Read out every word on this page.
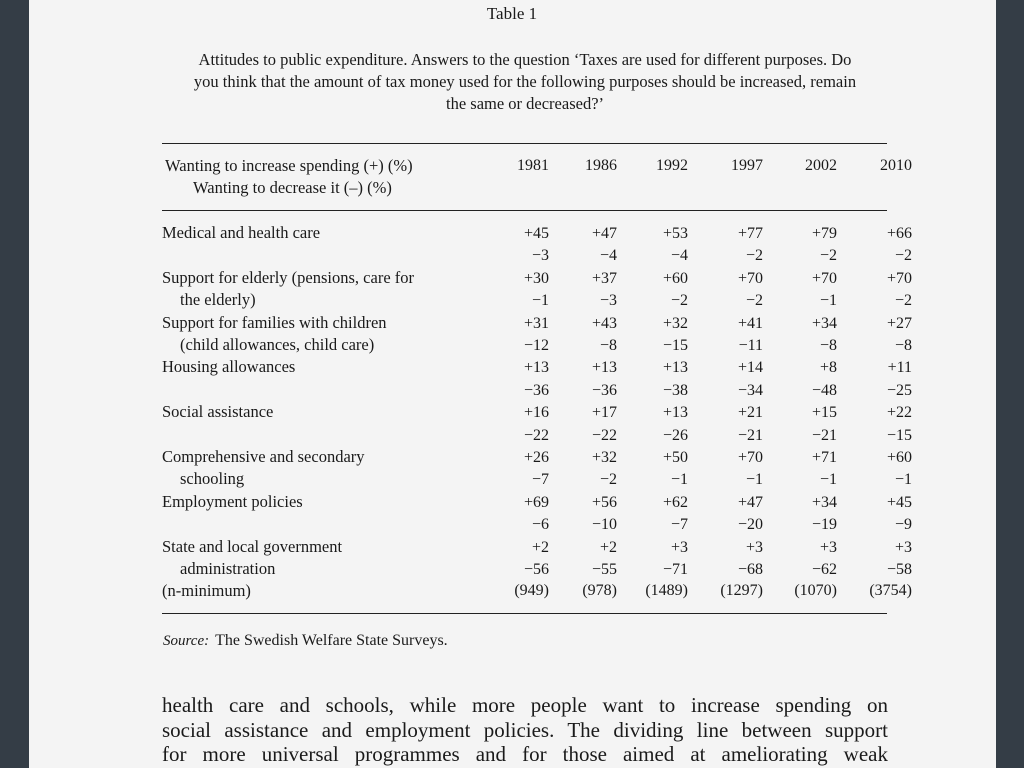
Table 1
Attitudes to public expenditure. Answers to the question ‘Taxes are used for different purposes. Do you think that the amount of tax money used for the following purposes should be increased, remain the same or decreased?’
Wanting to increase spending (+) (%)
Wanting to decrease it (–) (%)
1981	1986	1992	1997	2002	2010
Medical and health care	+45	+47	+53	+77	+79	+66
−3	−4	−4	−2	−2	−2
Support for elderly (pensions, care for
the elderly)
+30	+37	+60	+70	+70	+70
−1	−3	−2	−2	−1	−2
Support for families with children
(child allowances, child care)
+31	+43	+32	+41	+34	+27
−12	−8	−15	−11	−8	−8
Housing allowances	+13	+13	+13	+14	+8	+11
−36	−36	−38	−34	−48	−25
Social assistance	+16	+17	+13	+21	+15	+22
−22	−22	−26	−21	−21	−15
Comprehensive and secondary
schooling
+26	+32	+50	+70	+71	+60
−7	−2	−1	−1	−1	−1
Employment policies	+69	+56	+62	+47	+34	+45
−6	−10	−7	−20	−19	−9
State and local government
administration
+2	+2	+3	+3	+3	+3
−56	−55	−71	−68	−62	−58
(n-minimum)	(949)	(978)	(1489)	(1297)	(1070)	(3754)
Source: The Swedish Welfare State Surveys.
health care and schools, while more people want to increase spending on
social assistance and employment policies. The dividing line between support
for more universal programmes and for those aimed at ameliorating weak
